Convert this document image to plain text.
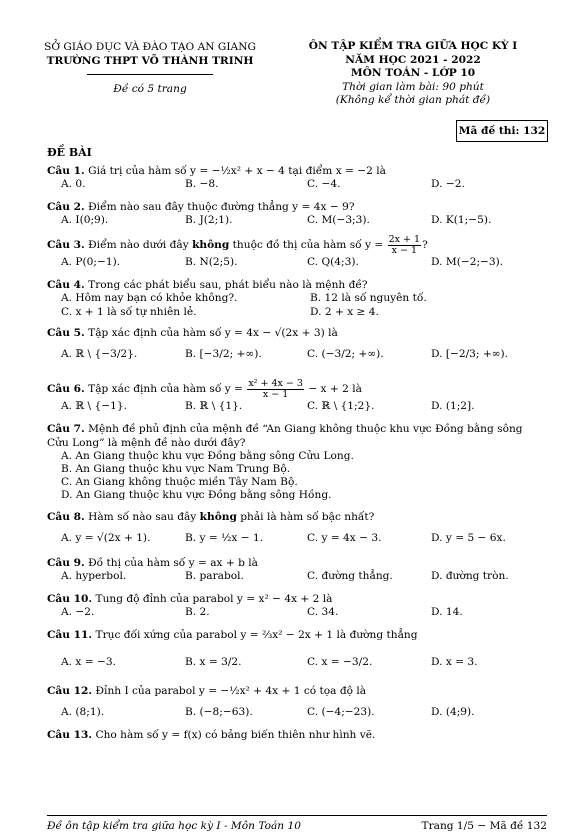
SỞ GIÁO DỤC VÀ ĐÀO TẠO AN GIANG
TRƯỜNG THPT VÕ THÀNH TRINH
Đề có 5 trang
ÔN TẬP KIỂM TRA GIỮA HỌC KỲ I
NĂM HỌC 2021 - 2022
MÔN TOÁN - LỚP 10
Thời gian làm bài: 90 phút
(Không kể thời gian phát đề)
Mã đề thi: 132
ĐỀ BÀI
Câu 1. Giá trị của hàm số y = −½x² + x − 4 tại điểm x = −2 là
A. 0.	B. −8.	C. −4.	D. −2.
Câu 2. Điểm nào sau đây thuộc đường thẳng y = 4x − 9?
A. I(0;9).	B. J(2;1).	C. M(−3;3).	D. K(1;−5).
Câu 3. Điểm nào dưới đây không thuộc đồ thị của hàm số $y = \frac{2x + 1}{x - 1}$ ?
A. P(0;−1).	B. N(2;5).	C. Q(4;3).	D. M(−2;−3).
Câu 4. Trong các phát biểu sau, phát biểu nào là mệnh đề?
A. Hôm nay bạn có khỏe không?.	B. 12 là số nguyên tố.
C. x + 1 là số tự nhiên lẻ.	D. 2 + x ≥ 4.
Câu 5. Tập xác định của hàm số y = 4x − √(2x + 3) là
A. ℝ \ {−3/2}.	B. [−3/2; +∞).	C. (−3/2; +∞).	D. [−2/3; +∞).
Câu 6. Tập xác định của hàm số $y = \frac{\text{x² + 4x − 3}}{x - 1} - x + 2$ là
A. ℝ \ {−1}.	B. ℝ \ {1}.	C. ℝ \ {1;2}.	D. (1;2].
Câu 7. Mệnh đề phủ định của mệnh đề “An Giang không thuộc khu vực Đồng bằng sông Cửu Long” là mệnh đề nào dưới đây?
A. An Giang thuộc khu vực Đồng bằng sông Cửu Long.
B. An Giang thuộc khu vực Nam Trung Bộ.
C. An Giang không thuộc miền Tây Nam Bộ.
D. An Giang thuộc khu vực Đồng bằng sông Hồng.
Câu 8. Hàm số nào sau đây không phải là hàm số bậc nhất?
A. y = √(2x + 1).	B. y = ½x − 1.	C. y = 4x − 3.	D. y = 5 − 6x.
Câu 9. Đồ thị của hàm số y = ax + b là
A. hyperbol.	B. parabol.	C. đường thẳng.	D. đường tròn.
Câu 10. Tung độ đỉnh của parabol y = x² − 4x + 2 là
A. −2.	B. 2.	C. 34.	D. 14.
Câu 11. Trục đối xứng của parabol y = ⅔x² − 2x + 1 là đường thẳng
A. x = −3.	B. x = 3/2.	C. x = −3/2.	D. x = 3.
Câu 12. Đỉnh I của parabol y = −½x² + 4x + 1 có tọa độ là
A. (8;1).	B. (−8;−63).	C. (−4;−23).	D. (4;9).
Câu 13. Cho hàm số y = f(x) có bảng biến thiên như hình vẽ.
Đề ôn tập kiểm tra giữa học kỳ I - Môn Toán 10	Trang 1/5 − Mã đề 132
